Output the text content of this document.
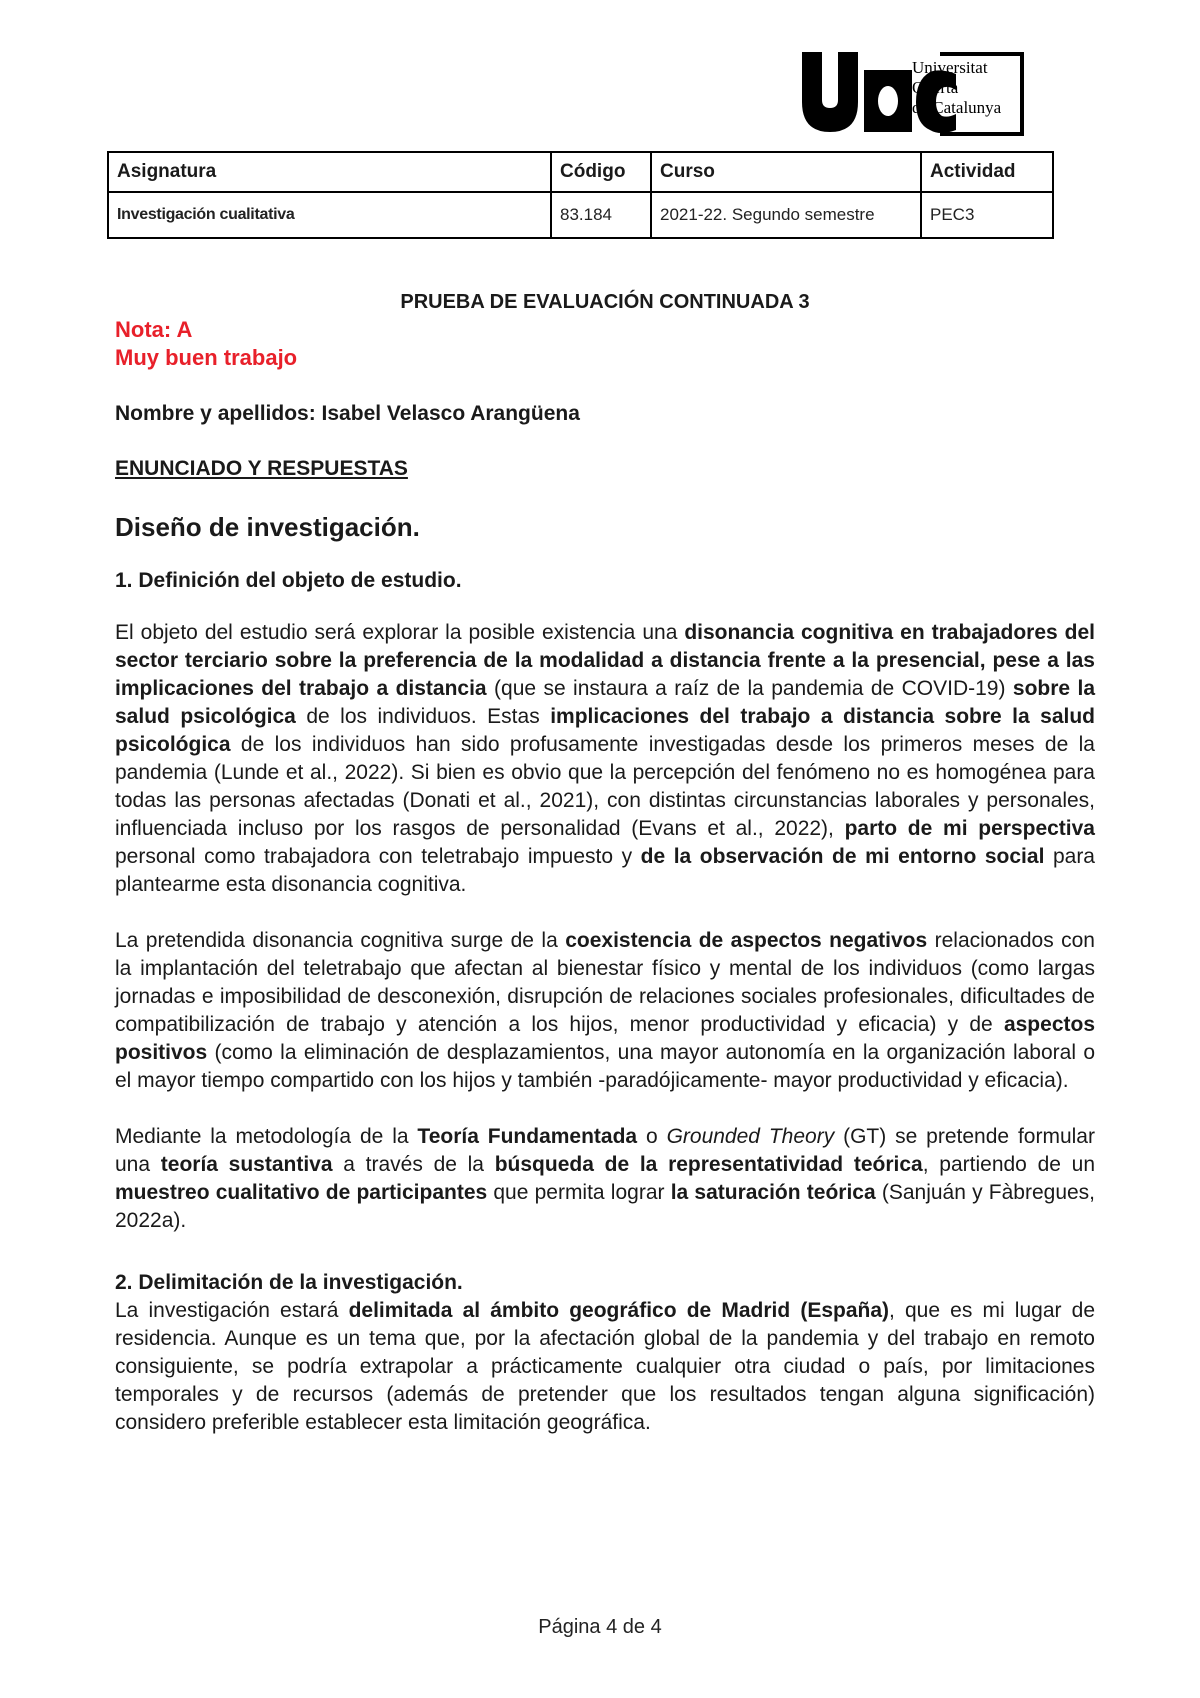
Universitat
Oberta
de Catalunya
Asignatura	Código	Curso	Actividad
Investigación cualitativa	83.184	2021-22. Segundo semestre	PEC3

PRUEBA DE EVALUACIÓN CONTINUADA 3

Nota: A

Muy buen trabajo

Nombre y apellidos: Isabel Velasco Arangüena

ENUNCIADO Y RESPUESTAS

Diseño de investigación.

1. Definición del objeto de estudio.

El objeto del estudio será explorar la posible existencia una disonancia cognitiva en trabajadores del sector terciario sobre la preferencia de la modalidad a distancia frente a la presencial, pese a las implicaciones del trabajo a distancia (que se instaura a raíz de la pandemia de COVID-19) sobre la salud psicológica de los individuos. Estas implicaciones del trabajo a distancia sobre la salud psicológica de los individuos han sido profusamente investigadas desde los primeros meses de la pandemia (Lunde et al., 2022). Si bien es obvio que la percepción del fenómeno no es homogénea para todas las personas afectadas (Donati et al., 2021), con distintas circunstancias laborales y personales, influenciada incluso por los rasgos de personalidad (Evans et al., 2022), parto de mi perspectiva personal como trabajadora con teletrabajo impuesto y de la observación de mi entorno social para plantearme esta disonancia cognitiva.

La pretendida disonancia cognitiva surge de la coexistencia de aspectos negativos relacionados con la implantación del teletrabajo que afectan al bienestar físico y mental de los individuos (como largas jornadas e imposibilidad de desconexión, disrupción de relaciones sociales profesionales, dificultades de compatibilización de trabajo y atención a los hijos, menor productividad y eficacia) y de aspectos positivos (como la eliminación de desplazamientos, una mayor autonomía en la organización laboral o el mayor tiempo compartido con los hijos y también -paradójicamente- mayor productividad y eficacia).

Mediante la metodología de la Teoría Fundamentada o Grounded Theory (GT) se pretende formular una teoría sustantiva a través de la búsqueda de la representatividad teórica, partiendo de un muestreo cualitativo de participantes que permita lograr la saturación teórica (Sanjuán y Fàbregues, 2022a).

2. Delimitación de la investigación.

La investigación estará delimitada al ámbito geográfico de Madrid (España), que es mi lugar de residencia. Aunque es un tema que, por la afectación global de la pandemia y del trabajo en remoto consiguiente, se podría extrapolar a prácticamente cualquier otra ciudad o país, por limitaciones temporales y de recursos (además de pretender que los resultados tengan alguna significación) considero preferible establecer esta limitación geográfica.

Página 4 de 4
